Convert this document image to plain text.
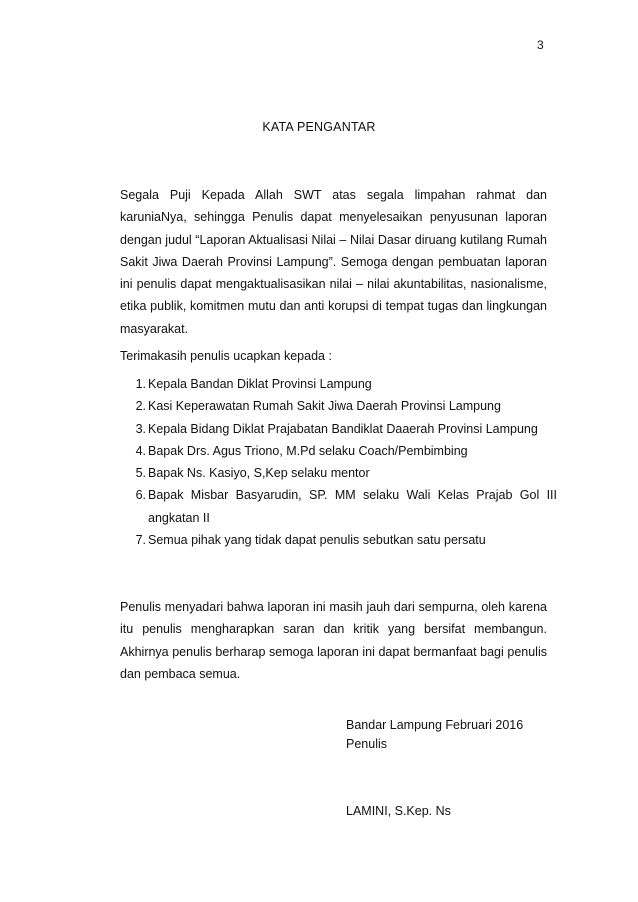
3
KATA PENGANTAR

Segala Puji Kepada Allah SWT atas segala limpahan rahmat dan karuniaNya, sehingga Penulis dapat menyelesaikan penyusunan laporan dengan judul “Laporan Aktualisasi Nilai – Nilai Dasar diruang kutilang Rumah Sakit Jiwa Daerah Provinsi Lampung”. Semoga dengan pembuatan laporan ini penulis dapat mengaktualisasikan nilai – nilai akuntabilitas, nasionalisme, etika publik, komitmen mutu dan anti korupsi di tempat tugas dan lingkungan masyarakat.

Terimakasih penulis ucapkan kepada :
1. Kepala Bandan Diklat Provinsi Lampung
2. Kasi Keperawatan Rumah Sakit Jiwa Daerah Provinsi Lampung
3. Kepala Bidang Diklat Prajabatan Bandiklat Daaerah Provinsi Lampung
4. Bapak Drs. Agus Triono, M.Pd selaku Coach/Pembimbing
5. Bapak Ns. Kasiyo, S,Kep selaku mentor
6. Bapak Misbar Basyarudin, SP. MM selaku Wali Kelas Prajab Gol III angkatan II
7. Semua pihak yang tidak dapat penulis sebutkan satu persatu

Penulis menyadari bahwa laporan ini masih jauh dari sempurna, oleh karena itu penulis mengharapkan saran dan kritik yang bersifat membangun. Akhirnya penulis berharap semoga laporan ini dapat bermanfaat bagi penulis dan pembaca semua.

Bandar Lampung Februari 2016
Penulis
LAMINI, S.Kep. Ns
